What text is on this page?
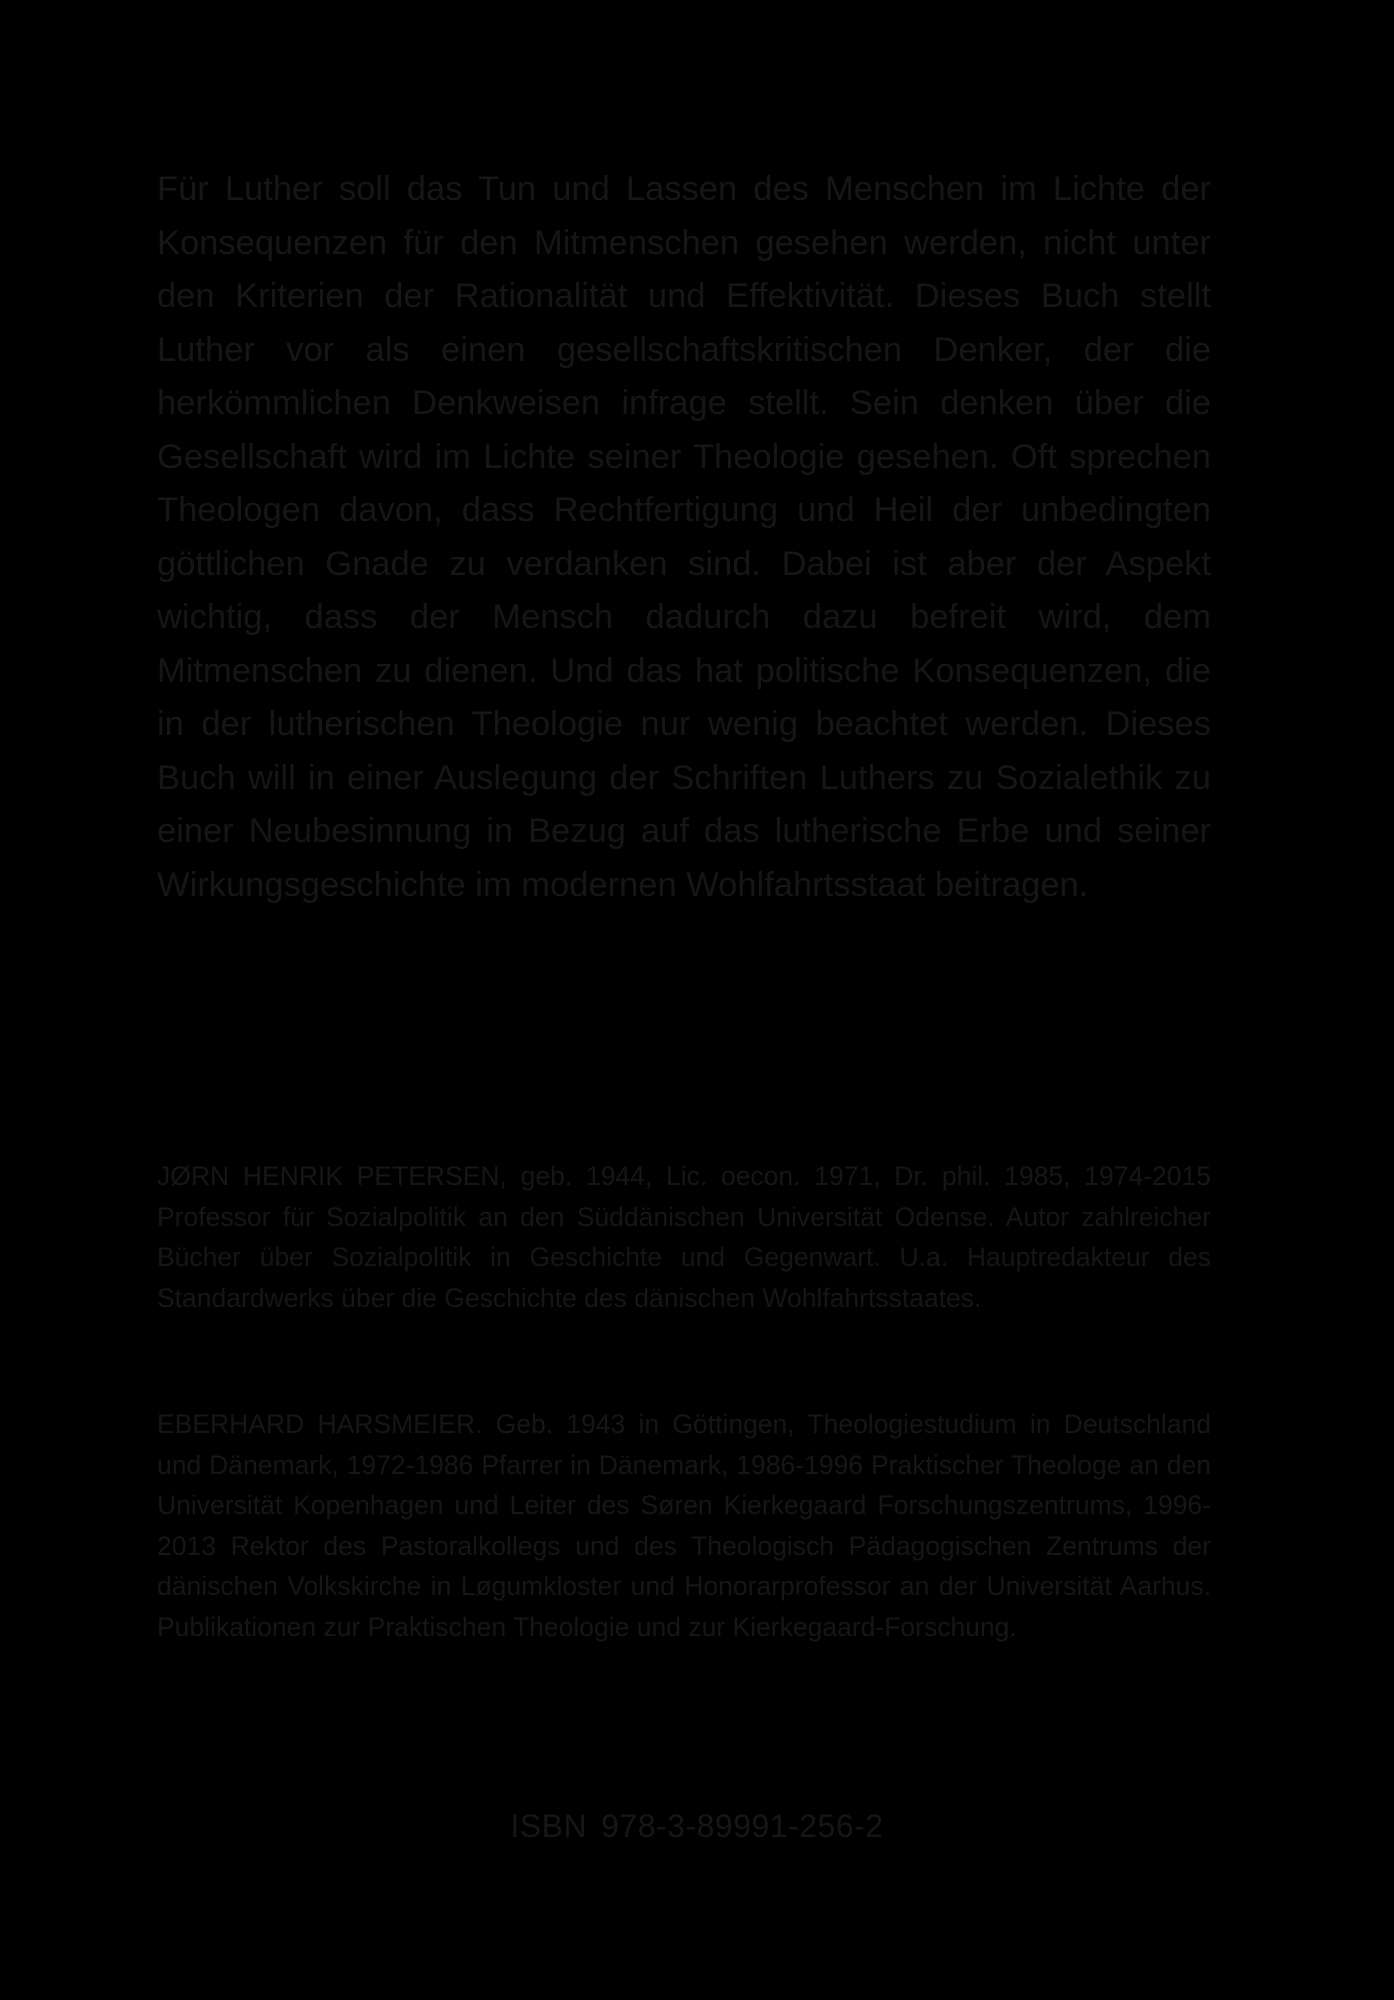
Für Luther soll das Tun und Lassen des Menschen im Lichte der Konsequenzen für den Mitmenschen gesehen werden, nicht unter den Kriterien der Rationalität und Effektivität. Dieses Buch stellt Luther vor als einen gesellschaftskritischen Denker, der die herkömmlichen Denkweisen infrage stellt. Sein denken über die Gesellschaft wird im Lichte seiner Theologie gesehen. Oft sprechen Theologen davon, dass Rechtfertigung und Heil der unbedingten göttlichen Gnade zu verdanken sind. Dabei ist aber der Aspekt wichtig, dass der Mensch dadurch dazu befreit wird, dem Mitmenschen zu dienen. Und das hat politische Konsequenzen, die in der lutherischen Theologie nur wenig beachtet werden. Dieses Buch will in einer Auslegung der Schriften Luthers zu Sozialethik zu einer Neubesinnung in Bezug auf das lutherische Erbe und seiner Wirkungsgeschichte im modernen Wohlfahrtsstaat beitragen.

JØRN HENRIK PETERSEN, geb. 1944, Lic. oecon. 1971, Dr. phil. 1985, 1974-2015 Professor für Sozialpolitik an den Süddänischen Universität Odense. Autor zahlreicher Bücher über Sozialpolitik in Geschichte und Gegenwart. U.a. Hauptredakteur des Standardwerks über die Geschichte des dänischen Wohlfahrtsstaates.

EBERHARD HARSMEIER. Geb. 1943 in Göttingen, Theologiestudium in Deutschland und Dänemark, 1972-1986 Pfarrer in Dänemark, 1986-1996 Praktischer Theologe an den Universität Kopenhagen und Leiter des Søren Kierkegaard Forschungszentrums, 1996-2013 Rektor des Pastoralkollegs und des Theologisch Pädagogischen Zentrums der dänischen Volkskirche in Løgumkloster und Honorarprofessor an der Universität Aarhus. Publikationen zur Praktischen Theologie und zur Kierkegaard-Forschung.

ISBN 978-3-89991-256-2
